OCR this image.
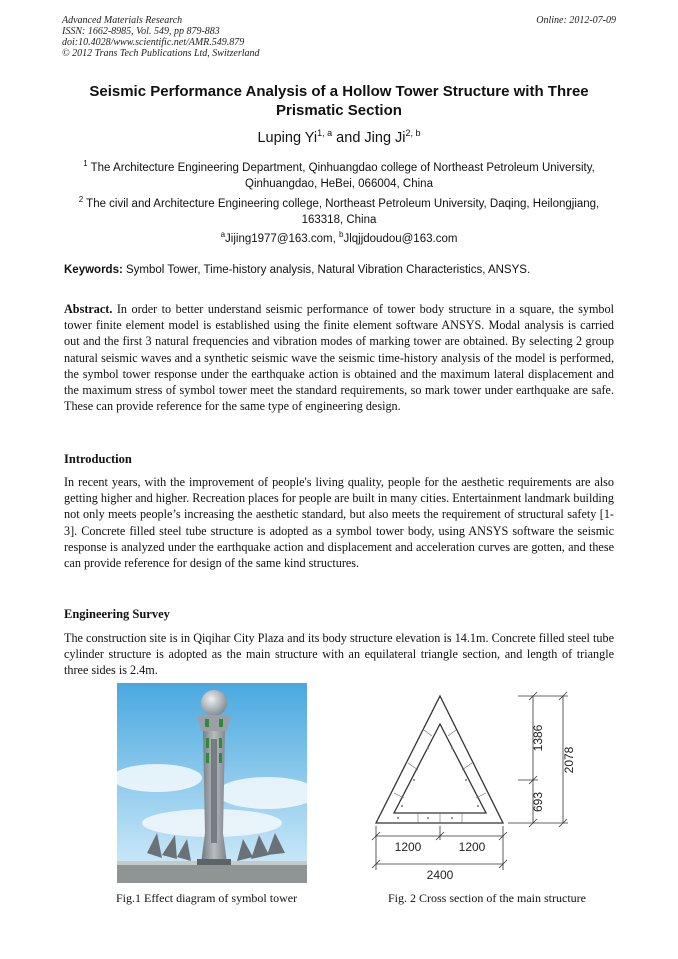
Advanced Materials Research
ISSN: 1662-8985, Vol. 549, pp 879-883
doi:10.4028/www.scientific.net/AMR.549.879
© 2012 Trans Tech Publications Ltd, Switzerland
Online: 2012-07-09
Seismic Performance Analysis of a Hollow Tower Structure with Three Prismatic Section
Luping Yi$^{1, a}$ and Jing Ji$^{2, b}$
$^1$ The Architecture Engineering Department, Qinhuangdao college of Northeast Petroleum University, Qinhuangdao, HeBei, 066004, China
$^2$ The civil and Architecture Engineering college, Northeast Petroleum University, Daqing, Heilongjiang, 163318, China
$^a$Jijing1977@163.com, $^b$Jlqjjdoudou@163.com
Keywords: Symbol Tower, Time-history analysis, Natural Vibration Characteristics, ANSYS.
Abstract. In order to better understand seismic performance of tower body structure in a square, the symbol tower finite element model is established using the finite element software ANSYS. Modal analysis is carried out and the first 3 natural frequencies and vibration modes of marking tower are obtained. By selecting 2 group natural seismic waves and a synthetic seismic wave the seismic time-history analysis of the model is performed, the symbol tower response under the earthquake action is obtained and the maximum lateral displacement and the maximum stress of symbol tower meet the standard requirements, so mark tower under earthquake are safe. These can provide reference for the same type of engineering design.
Introduction
In recent years, with the improvement of people's living quality, people for the aesthetic requirements are also getting higher and higher. Recreation places for people are built in many cities. Entertainment landmark building not only meets people’s increasing the aesthetic standard, but also meets the requirement of structural safety [1-3]. Concrete filled steel tube structure is adopted as a symbol tower body, using ANSYS software the seismic response is analyzed under the earthquake action and displacement and acceleration curves are gotten, and these can provide reference for design of the same kind structures.
Engineering Survey
The construction site is in Qiqihar City Plaza and its body structure elevation is 14.1m. Concrete filled steel tube cylinder structure is adopted as the main structure with an equilateral triangle section, and length of triangle three sides is 2.4m.
1386
693
2078
1200	1200
2400
Fig.1 Effect diagram of symbol tower	Fig. 2 Cross section of the main structure
